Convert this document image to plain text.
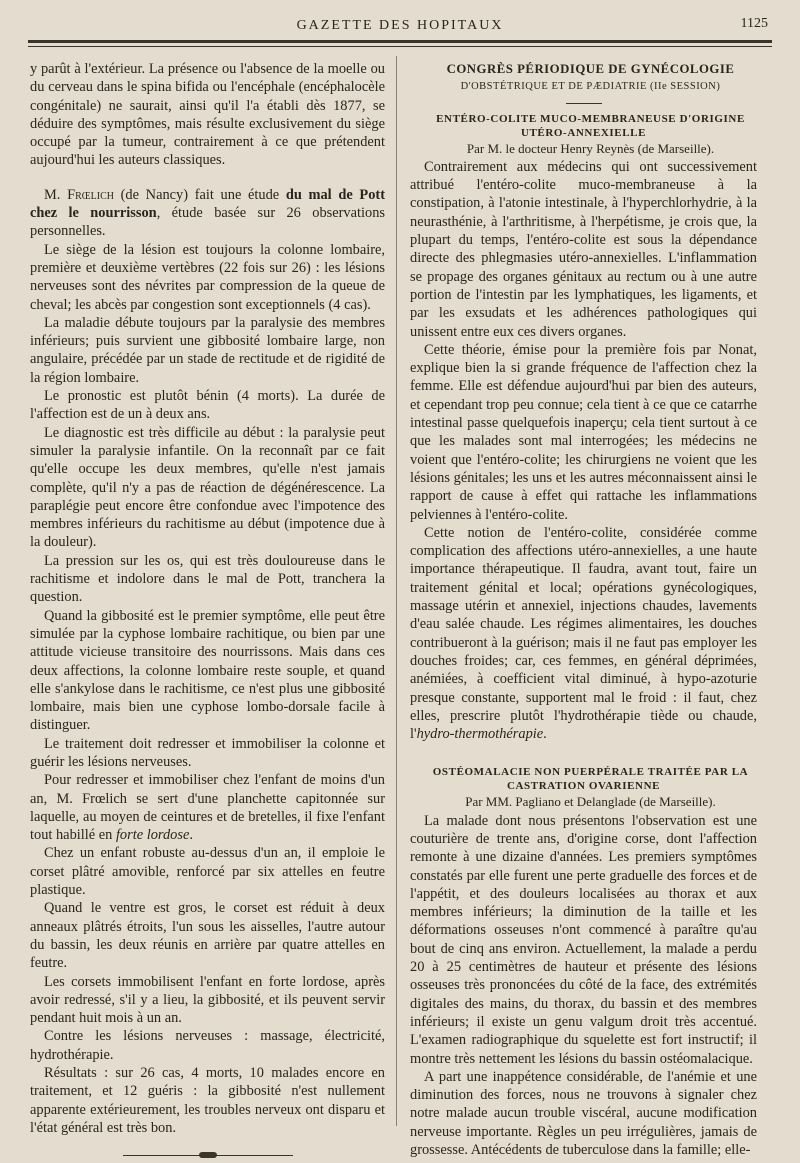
GAZETTE DES HOPITAUX	1125

y parût à l'extérieur. La présence ou l'absence de la moelle ou du cerveau dans le spina bifida ou l'encéphale (encéphalocèle congénitale) ne saurait, ainsi qu'il l'a établi dès 1877, se déduire des symptômes, mais résulte exclusivement du siège occupé par la tumeur, contrairement à ce que prétendent aujourd'hui les auteurs classiques.

M. Frœlich (de Nancy) fait une étude du mal de Pott chez le nourrisson, étude basée sur 26 observations personnelles.

Le siège de la lésion est toujours la colonne lombaire, première et deuxième vertèbres (22 fois sur 26) : les lésions nerveuses sont des névrites par compression de la queue de cheval; les abcès par congestion sont exceptionnels (4 cas).

La maladie débute toujours par la paralysie des membres inférieurs; puis survient une gibbosité lombaire large, non angulaire, précédée par un stade de rectitude et de rigidité de la région lombaire.

Le pronostic est plutôt bénin (4 morts). La durée de l'affection est de un à deux ans.

Le diagnostic est très difficile au début : la paralysie peut simuler la paralysie infantile. On la reconnaît par ce fait qu'elle occupe les deux membres, qu'elle n'est jamais complète, qu'il n'y a pas de réaction de dégénérescence. La paraplégie peut encore être confondue avec l'impotence des membres inférieurs du rachitisme au début (impotence due à la douleur).

La pression sur les os, qui est très douloureuse dans le rachitisme et indolore dans le mal de Pott, tranchera la question.

Quand la gibbosité est le premier symptôme, elle peut être simulée par la cyphose lombaire rachitique, ou bien par une attitude vicieuse transitoire des nourrissons. Mais dans ces deux affections, la colonne lombaire reste souple, et quand elle s'ankylose dans le rachitisme, ce n'est plus une gibbosité lombaire, mais bien une cyphose lombo-dorsale facile à distinguer.

Le traitement doit redresser et immobiliser la colonne et guérir les lésions nerveuses.

Pour redresser et immobiliser chez l'enfant de moins d'un an, M. Frœlich se sert d'une planchette capitonnée sur laquelle, au moyen de ceintures et de bretelles, il fixe l'enfant tout habillé en forte lordose.

Chez un enfant robuste au-dessus d'un an, il emploie le corset plâtré amovible, renforcé par six attelles en feutre plastique.

Quand le ventre est gros, le corset est réduit à deux anneaux plâtrés étroits, l'un sous les aisselles, l'autre autour du bassin, les deux réunis en arrière par quatre attelles en feutre.

Les corsets immobilisent l'enfant en forte lordose, après avoir redressé, s'il y a lieu, la gibbosité, et ils peuvent servir pendant huit mois à un an.

Contre les lésions nerveuses : massage, électricité, hydrothérapie.

Résultats : sur 26 cas, 4 morts, 10 malades encore en traitement, et 12 guéris : la gibbosité n'est nullement apparente extérieurement, les troubles nerveux ont disparu et l'état général est très bon.

CONGRÈS PÉRIODIQUE DE GYNÉCOLOGIE

D'OBSTÉTRIQUE ET DE PÆDIATRIE (IIe SESSION)

ENTÉRO-COLITE MUCO-MEMBRANEUSE D'ORIGINE UTÉRO-ANNEXIELLE

Par M. le docteur Henry Reynès (de Marseille).

Contrairement aux médecins qui ont successivement attribué l'entéro-colite muco-membraneuse à la constipation, à l'atonie intestinale, à l'hyperchlorhydrie, à la neurasthénie, à l'arthritisme, à l'herpétisme, je crois que, la plupart du temps, l'entéro-colite est sous la dépendance directe des phlegmasies utéro-annexielles. L'inflammation se propage des organes génitaux au rectum ou à une autre portion de l'intestin par les lymphatiques, les ligaments, et par les exsudats et les adhérences pathologiques qui unissent entre eux ces divers organes.

Cette théorie, émise pour la première fois par Nonat, explique bien la si grande fréquence de l'affection chez la femme. Elle est défendue aujourd'hui par bien des auteurs, et cependant trop peu connue; cela tient à ce que ce catarrhe intestinal passe quelquefois inaperçu; cela tient surtout à ce que les malades sont mal interrogées; les médecins ne voient que l'entéro-colite; les chirurgiens ne voient que les lésions génitales; les uns et les autres méconnaissent ainsi le rapport de cause à effet qui rattache les inflammations pelviennes à l'entéro-colite.

Cette notion de l'entéro-colite, considérée comme complication des affections utéro-annexielles, a une haute importance thérapeutique. Il faudra, avant tout, faire un traitement génital et local; opérations gynécologiques, massage utérin et annexiel, injections chaudes, lavements d'eau salée chaude. Les régimes alimentaires, les douches contribueront à la guérison; mais il ne faut pas employer les douches froides; car, ces femmes, en général déprimées, anémiées, à coefficient vital diminué, à hypo-azoturie presque constante, supportent mal le froid : il faut, chez elles, prescrire plutôt l'hydrothérapie tiède ou chaude, l'hydro-thermothérapie.

OSTÉOMALACIE NON PUERPÉRALE TRAITÉE PAR LA CASTRATION OVARIENNE

Par MM. Pagliano et Delanglade (de Marseille).

La malade dont nous présentons l'observation est une couturière de trente ans, d'origine corse, dont l'affection remonte à une dizaine d'années. Les premiers symptômes constatés par elle furent une perte graduelle des forces et de l'appétit, et des douleurs localisées au thorax et aux membres inférieurs; la diminution de la taille et les déformations osseuses n'ont commencé à paraître qu'au bout de cinq ans environ. Actuellement, la malade a perdu 20 à 25 centimètres de hauteur et présente des lésions osseuses très prononcées du côté de la face, des extrémités digitales des mains, du thorax, du bassin et des membres inférieurs; il existe un genu valgum droit très accentué. L'examen radiographique du squelette est fort instructif; il montre très nettement les lésions du bassin ostéomalacique.

A part une inappétence considérable, de l'anémie et une diminution des forces, nous ne trouvons à signaler chez notre malade aucun trouble viscéral, aucune modification nerveuse importante. Règles un peu irrégulières, jamais de grossesse. Antécédents de tuberculose dans la famille; elle-
